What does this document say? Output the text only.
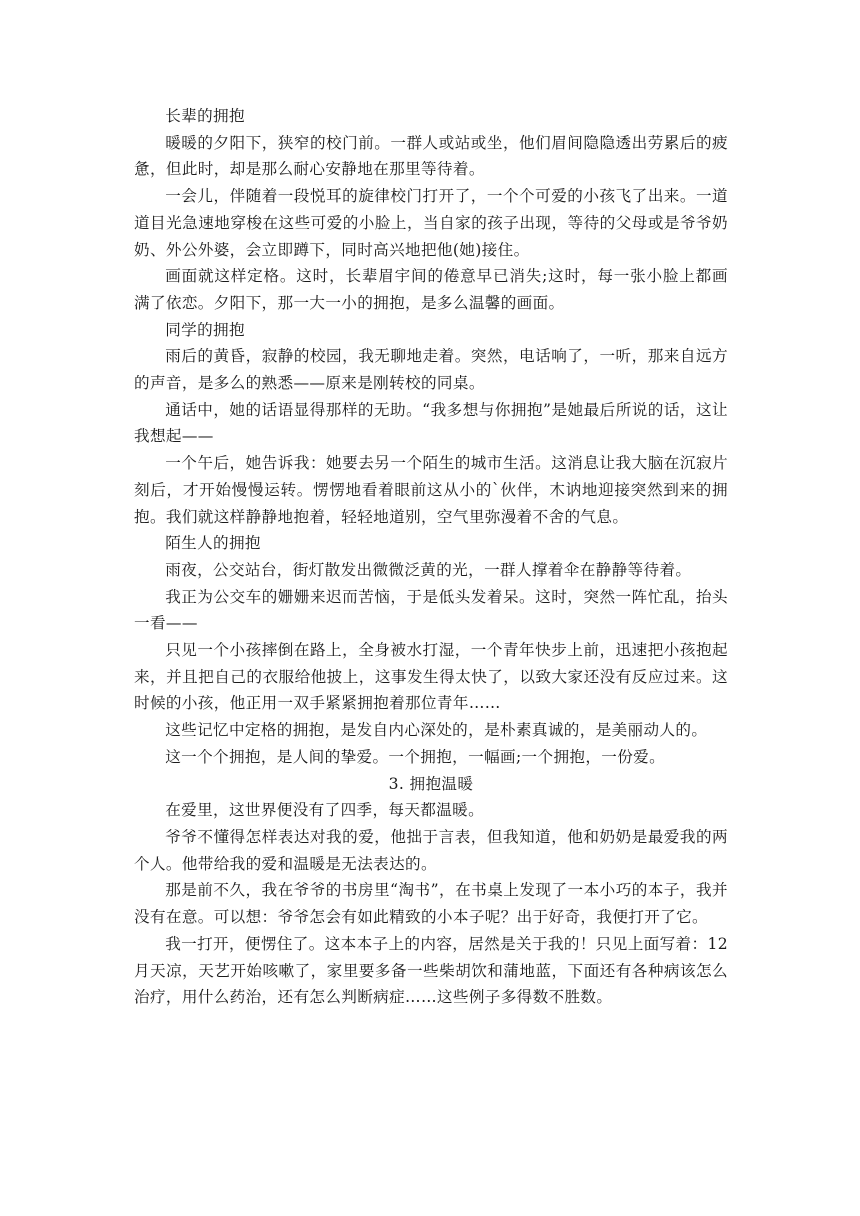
长辈的拥抱

暖暖的夕阳下，狭窄的校门前。一群人或站或坐，他们眉间隐隐透出劳累后的疲惫，但此时，却是那么耐心安静地在那里等待着。

一会儿，伴随着一段悦耳的旋律校门打开了，一个个可爱的小孩飞了出来。一道道目光急速地穿梭在这些可爱的小脸上，当自家的孩子出现，等待的父母或是爷爷奶奶、外公外婆，会立即蹲下，同时高兴地把他(她)接住。

画面就这样定格。这时，长辈眉宇间的倦意早已消失;这时，每一张小脸上都画满了依恋。夕阳下，那一大一小的拥抱，是多么温馨的画面。

同学的拥抱

雨后的黄昏，寂静的校园，我无聊地走着。突然，电话响了，一听，那来自远方的声音，是多么的熟悉——原来是刚转校的同桌。

通话中，她的话语显得那样的无助。“我多想与你拥抱”是她最后所说的话，这让我想起——

一个午后，她告诉我：她要去另一个陌生的城市生活。这消息让我大脑在沉寂片刻后，才开始慢慢运转。愣愣地看着眼前这从小的`伙伴，木讷地迎接突然到来的拥抱。我们就这样静静地抱着，轻轻地道别，空气里弥漫着不舍的气息。

陌生人的拥抱

雨夜，公交站台，街灯散发出微微泛黄的光，一群人撑着伞在静静等待着。

我正为公交车的姗姗来迟而苦恼，于是低头发着呆。这时，突然一阵忙乱，抬头一看——

只见一个小孩摔倒在路上，全身被水打湿，一个青年快步上前，迅速把小孩抱起来，并且把自己的衣服给他披上，这事发生得太快了，以致大家还没有反应过来。这时候的小孩，他正用一双手紧紧拥抱着那位青年……

这些记忆中定格的拥抱，是发自内心深处的，是朴素真诚的，是美丽动人的。

这一个个拥抱，是人间的挚爱。一个拥抱，一幅画;一个拥抱，一份爱。

3. 拥抱温暖

在爱里，这世界便没有了四季，每天都温暖。

爷爷不懂得怎样表达对我的爱，他拙于言表，但我知道，他和奶奶是最爱我的两个人。他带给我的爱和温暖是无法表达的。

那是前不久，我在爷爷的书房里“淘书”，在书桌上发现了一本小巧的本子，我并没有在意。可以想：爷爷怎会有如此精致的小本子呢？出于好奇，我便打开了它。

我一打开，便愣住了。这本本子上的内容，居然是关于我的！只见上面写着：12月天凉，天艺开始咳嗽了，家里要多备一些柴胡饮和蒲地蓝，下面还有各种病该怎么治疗，用什么药治，还有怎么判断病症……这些例子多得数不胜数。
